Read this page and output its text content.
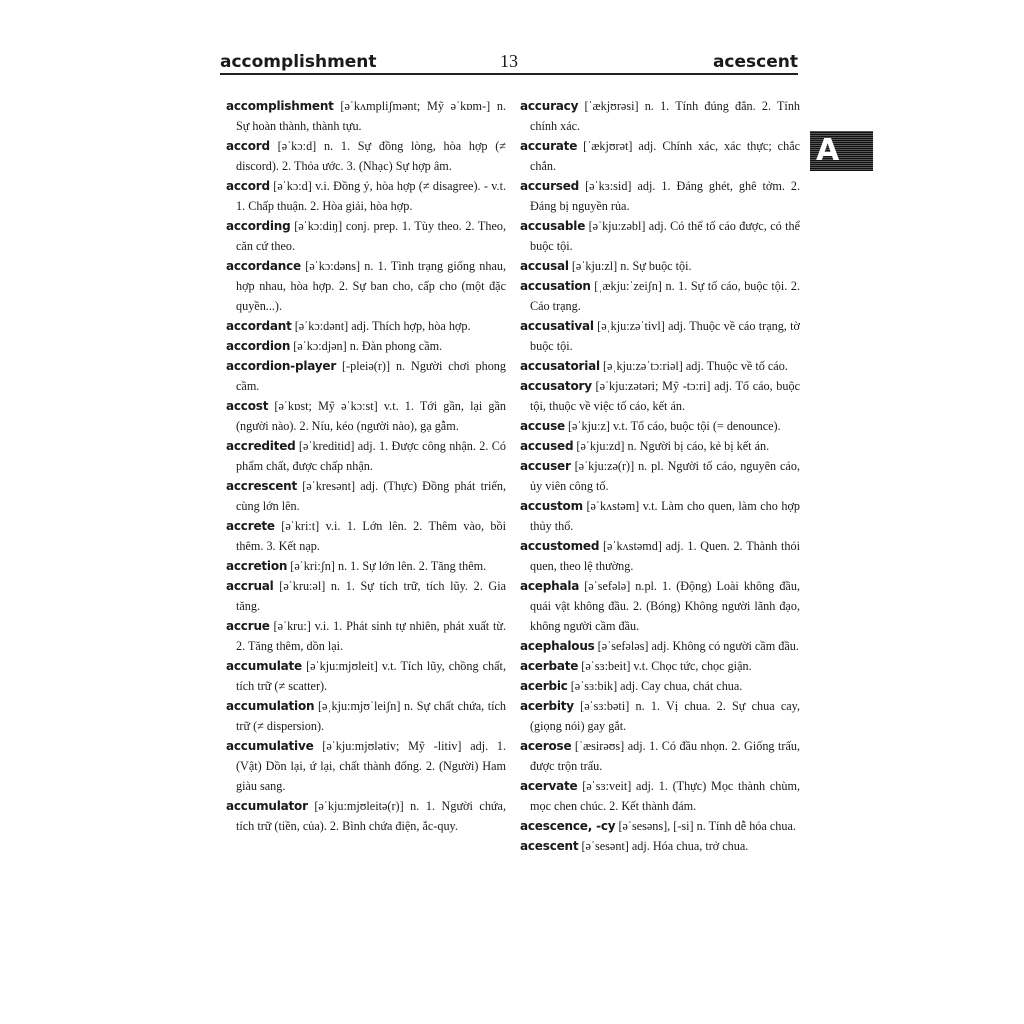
accomplishment	13	acescent
A
accomplishment [əˈkʌmpliʃmənt; Mỹ əˈkɒm-] n. Sự hoàn thành, thành tựu.
accord [əˈkɔ:d] n. 1. Sự đồng lòng, hòa hợp (≠ discord). 2. Thỏa ước. 3. (Nhạc) Sự hợp âm.
accord [əˈkɔ:d] v.i. Đồng ý, hòa hợp (≠ disagree). - v.t. 1. Chấp thuận. 2. Hòa giải, hòa hợp.
according [əˈkɔ:diŋ] conj. prep. 1. Tùy theo. 2. Theo, căn cứ theo.
accordance [əˈkɔ:dəns] n. 1. Tình trạng giống nhau, hợp nhau, hòa hợp. 2. Sự ban cho, cấp cho (một đặc quyền...).
accordant [əˈkɔ:dənt] adj. Thích hợp, hòa hợp.
accordion [əˈkɔ:djən] n. Đàn phong cầm.
accordion-player [-pleiə(r)] n. Người chơi phong cầm.
accost [əˈkɒst; Mỹ əˈkɔ:st] v.t. 1. Tới gần, lại gần (người nào). 2. Níu, kéo (người nào), gạ gẫm.
accredited [əˈkreditid] adj. 1. Được công nhận. 2. Có phẩm chất, được chấp nhận.
accrescent [əˈkresənt] adj. (Thực) Đồng phát triển, cùng lớn lên.
accrete [əˈkri:t] v.i. 1. Lớn lên. 2. Thêm vào, bồi thêm. 3. Kết nạp.
accretion [əˈkri:ʃn] n. 1. Sự lớn lên. 2. Tăng thêm.
accrual [əˈkru:əl] n. 1. Sự tích trữ, tích lũy. 2. Gia tăng.
accrue [əˈkru:] v.i. 1. Phát sinh tự nhiên, phát xuất từ. 2. Tăng thêm, dồn lại.
accumulate [əˈkju:mjʊleit] v.t. Tích lũy, chồng chất, tích trữ (≠ scatter).
accumulation [əˌkju:mjʊˈleiʃn] n. Sự chất chứa, tích trữ (≠ dispersion).
accumulative [əˈkju:mjʊlətiv; Mỹ -litiv] adj. 1. (Vật) Dồn lại, ứ lại, chất thành đống. 2. (Người) Ham giàu sang.
accumulator [əˈkju:mjʊleitə(r)] n. 1. Người chứa, tích trữ (tiền, của). 2. Bình chứa điện, ắc-quy.
accuracy [ˈækjʊrəsi] n. 1. Tính đúng đắn. 2. Tính chính xác.
accurate [ˈækjʊrət] adj. Chính xác, xác thực; chắc chắn.
accursed [əˈkɜ:sid] adj. 1. Đáng ghét, ghê tởm. 2. Đáng bị nguyền rủa.
accusable [əˈkju:zəbl] adj. Có thể tố cáo được, có thể buộc tội.
accusal [əˈkju:zl] n. Sự buộc tội.
accusation [ˌækju:ˈzeiʃn] n. 1. Sự tố cáo, buộc tội. 2. Cáo trạng.
accusatival [əˌkju:zəˈtivl] adj. Thuộc về cáo trạng, tờ buộc tội.
accusatorial [əˌkju:zəˈtɔ:riəl] adj. Thuộc về tố cáo.
accusatory [əˈkju:zətəri; Mỹ -tɔ:ri] adj. Tố cáo, buộc tội, thuộc về việc tố cáo, kết án.
accuse [əˈkju:z] v.t. Tố cáo, buộc tội (= denounce).
accused [əˈkju:zd] n. Người bị cáo, kẻ bị kết án.
accuser [əˈkju:zə(r)] n. pl. Người tố cáo, nguyên cáo, ủy viên công tố.
accustom [əˈkʌstəm] v.t. Làm cho quen, làm cho hợp thủy thổ.
accustomed [əˈkʌstəmd] adj. 1. Quen. 2. Thành thói quen, theo lệ thường.
acephala [əˈsefələ] n.pl. 1. (Động) Loài không đầu, quái vật không đầu. 2. (Bóng) Không người lãnh đạo, không người cầm đầu.
acephalous [əˈsefələs] adj. Không có người cầm đầu.
acerbate [əˈsɜ:beit] v.t. Chọc tức, chọc giận.
acerbic [əˈsɜ:bik] adj. Cay chua, chát chua.
acerbity [əˈsɜ:bəti] n. 1. Vị chua. 2. Sự chua cay, (giọng nói) gay gắt.
acerose [ˈæsirəʊs] adj. 1. Có đầu nhọn. 2. Giống trấu, được trộn trấu.
acervate [əˈsɜ:veit] adj. 1. (Thực) Mọc thành chùm, mọc chen chúc. 2. Kết thành đám.
acescence, -cy [əˈsesəns], [-si] n. Tính dễ hóa chua.
acescent [əˈsesənt] adj. Hóa chua, trở chua.
